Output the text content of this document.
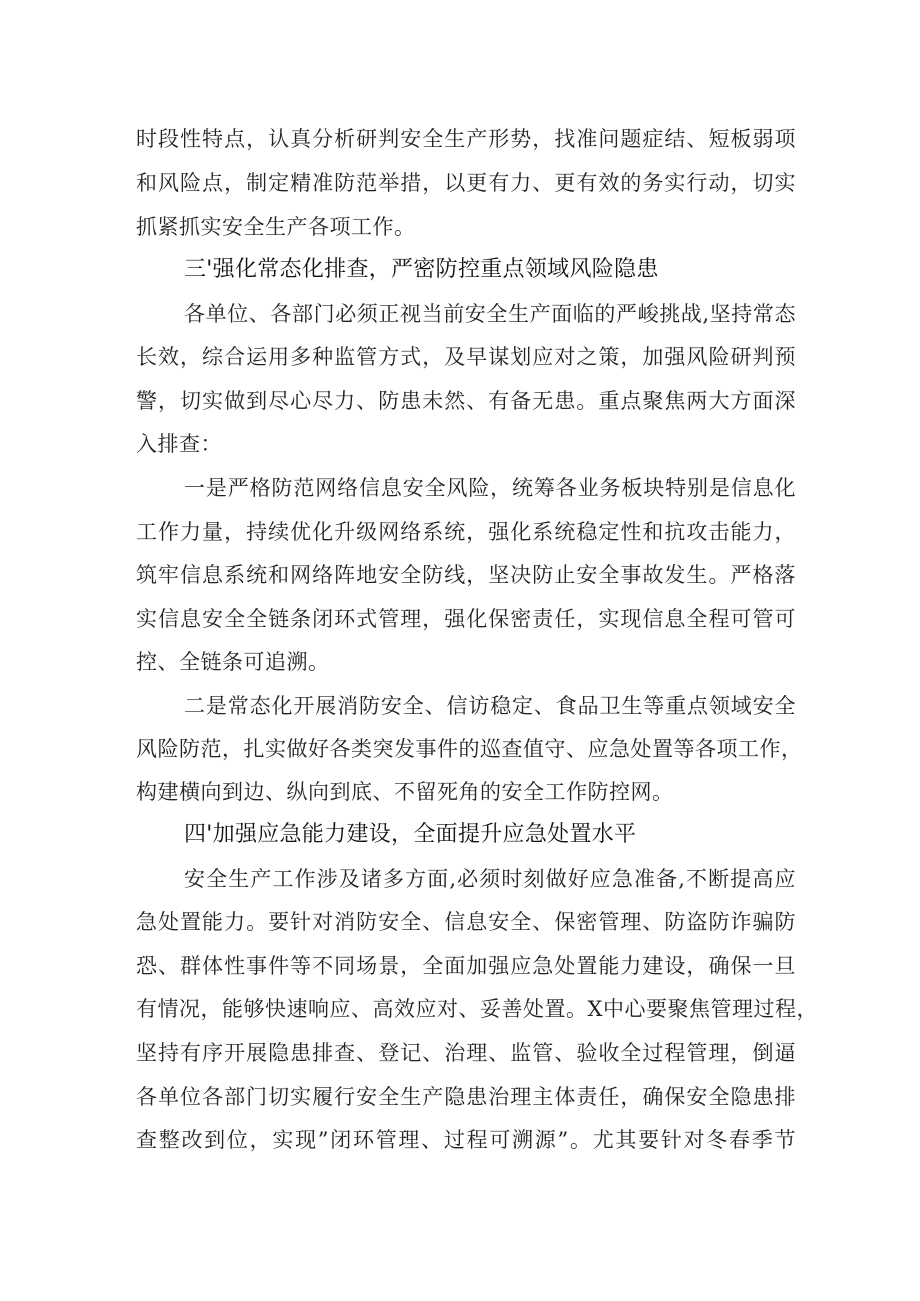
时段性特点，认真分析研判安全生产形势，找准问题症结、短板弱项
和风险点，制定精准防范举措，以更有力、更有效的务实行动，切实
抓紧抓实安全生产各项工作。
三'强化常态化排查，严密防控重点领域风险隐患
各单位、各部门必须正视当前安全生产面临的严峻挑战,坚持常态
长效，综合运用多种监管方式，及早谋划应对之策，加强风险研判预
警，切实做到尽心尽力、防患未然、有备无患。重点聚焦两大方面深
入排查：
一是严格防范网络信息安全风险，统筹各业务板块特别是信息化
工作力量，持续优化升级网络系统，强化系统稳定性和抗攻击能力，
筑牢信息系统和网络阵地安全防线，坚决防止安全事故发生。严格落
实信息安全全链条闭环式管理，强化保密责任，实现信息全程可管可
控、全链条可追溯。
二是常态化开展消防安全、信访稳定、食品卫生等重点领域安全
风险防范，扎实做好各类突发事件的巡查值守、应急处置等各项工作，
构建横向到边、纵向到底、不留死角的安全工作防控网。
四'加强应急能力建设，全面提升应急处置水平
安全生产工作涉及诸多方面,必须时刻做好应急准备,不断提高应
急处置能力。要针对消防安全、信息安全、保密管理、防盗防诈骗防
恐、群体性事件等不同场景，全面加强应急处置能力建设，确保一旦
有情况，能够快速响应、高效应对、妥善处置。X中心要聚焦管理过程，
坚持有序开展隐患排查、登记、治理、监管、验收全过程管理，倒逼
各单位各部门切实履行安全生产隐患治理主体责任，确保安全隐患排
查整改到位，实现”闭环管理、过程可溯源”。尤其要针对冬春季节
